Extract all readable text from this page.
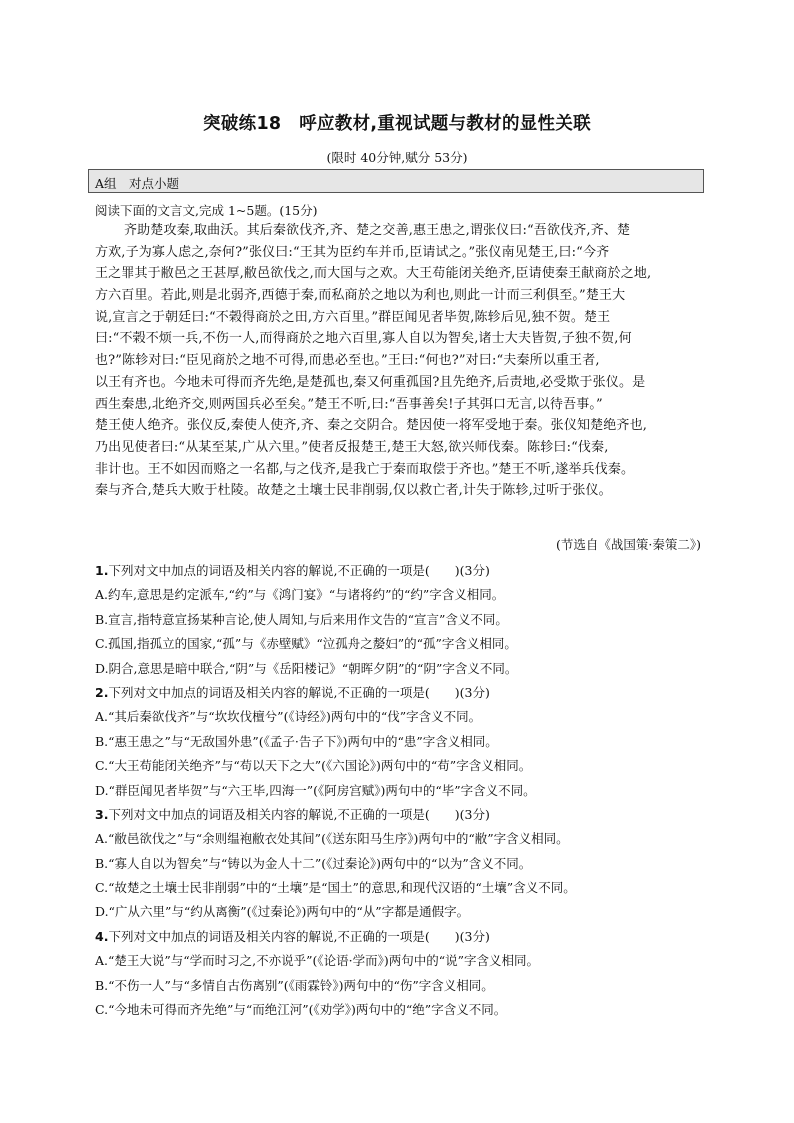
突破练18　呼应教材,重视试题与教材的显性关联
(限时 40分钟,赋分 53分)
A组　对点小题
阅读下面的文言文,完成 1~5题。(15分)
齐助楚攻秦,取曲沃。其后秦欲伐齐,齐、楚之交善,惠王患之,谓张仪曰:“吾欲伐齐,齐、楚
方欢,子为寡人虑之,奈何?”张仪曰:“王其为臣约车并币,臣请试之。”张仪南见楚王,曰:“今齐
王之罪其于敝邑之王甚厚,敝邑欲伐之,而大国与之欢。大王苟能闭关绝齐,臣请使秦王献商於之地,
方六百里。若此,则是北弱齐,西德于秦,而私商於之地以为利也,则此一计而三利俱至。”楚王大
说,宣言之于朝廷曰:“不榖得商於之田,方六百里。”群臣闻见者毕贺,陈轸后见,独不贺。楚王
曰:“不榖不烦一兵,不伤一人,而得商於之地六百里,寡人自以为智矣,诸士大夫皆贺,子独不贺,何
也?”陈轸对曰:“臣见商於之地不可得,而患必至也。”王曰:“何也?”对曰:“夫秦所以重王者,
以王有齐也。今地未可得而齐先绝,是楚孤也,秦又何重孤国?且先绝齐,后责地,必受欺于张仪。是
西生秦患,北绝齐交,则两国兵必至矣。”楚王不听,曰:“吾事善矣!子其弭口无言,以待吾事。”
楚王使人绝齐。张仪反,秦使人使齐,齐、秦之交阴合。楚因使一将军受地于秦。张仪知楚绝齐也,
乃出见使者曰:“从某至某,广从六里。”使者反报楚王,楚王大怒,欲兴师伐秦。陈轸曰:“伐秦,
非计也。王不如因而赂之一名都,与之伐齐,是我亡于秦而取偿于齐也。”楚王不听,遂举兵伐秦。
秦与齐合,楚兵大败于杜陵。故楚之土壤士民非削弱,仅以救亡者,计失于陈轸,过听于张仪。
(节选自《战国策·秦策二》)
1.下列对文中加点的词语及相关内容的解说,不正确的一项是(　　)(3分)
A.约车,意思是约定派车,“约”与《鸿门宴》“与诸将约”的“约”字含义相同。
B.宣言,指特意宣扬某种言论,使人周知,与后来用作文告的“宣言”含义不同。
C.孤国,指孤立的国家,“孤”与《赤壁赋》“泣孤舟之嫠妇”的“孤”字含义相同。
D.阴合,意思是暗中联合,“阴”与《岳阳楼记》“朝晖夕阴”的“阴”字含义不同。
2.下列对文中加点的词语及相关内容的解说,不正确的一项是(　　)(3分)
A.“其后秦欲伐齐”与“坎坎伐檀兮”(《诗经》)两句中的“伐”字含义不同。
B.“惠王患之”与“无敌国外患”(《孟子·告子下》)两句中的“患”字含义相同。
C.“大王苟能闭关绝齐”与“苟以天下之大”(《六国论》)两句中的“苟”字含义相同。
D.“群臣闻见者毕贺”与“六王毕,四海一”(《阿房宫赋》)两句中的“毕”字含义不同。
3.下列对文中加点的词语及相关内容的解说,不正确的一项是(　　)(3分)
A.“敝邑欲伐之”与“余则缊袍敝衣处其间”(《送东阳马生序》)两句中的“敝”字含义相同。
B.“寡人自以为智矣”与“铸以为金人十二”(《过秦论》)两句中的“以为”含义不同。
C.“故楚之土壤士民非削弱”中的“土壤”是“国土”的意思,和现代汉语的“土壤”含义不同。
D.“广从六里”与“约从离衡”(《过秦论》)两句中的“从”字都是通假字。
4.下列对文中加点的词语及相关内容的解说,不正确的一项是(　　)(3分)
A.“楚王大说”与“学而时习之,不亦说乎”(《论语·学而》)两句中的“说”字含义相同。
B.“不伤一人”与“多情自古伤离别”(《雨霖铃》)两句中的“伤”字含义相同。
C.“今地未可得而齐先绝”与“而绝江河”(《劝学》)两句中的“绝”字含义不同。
